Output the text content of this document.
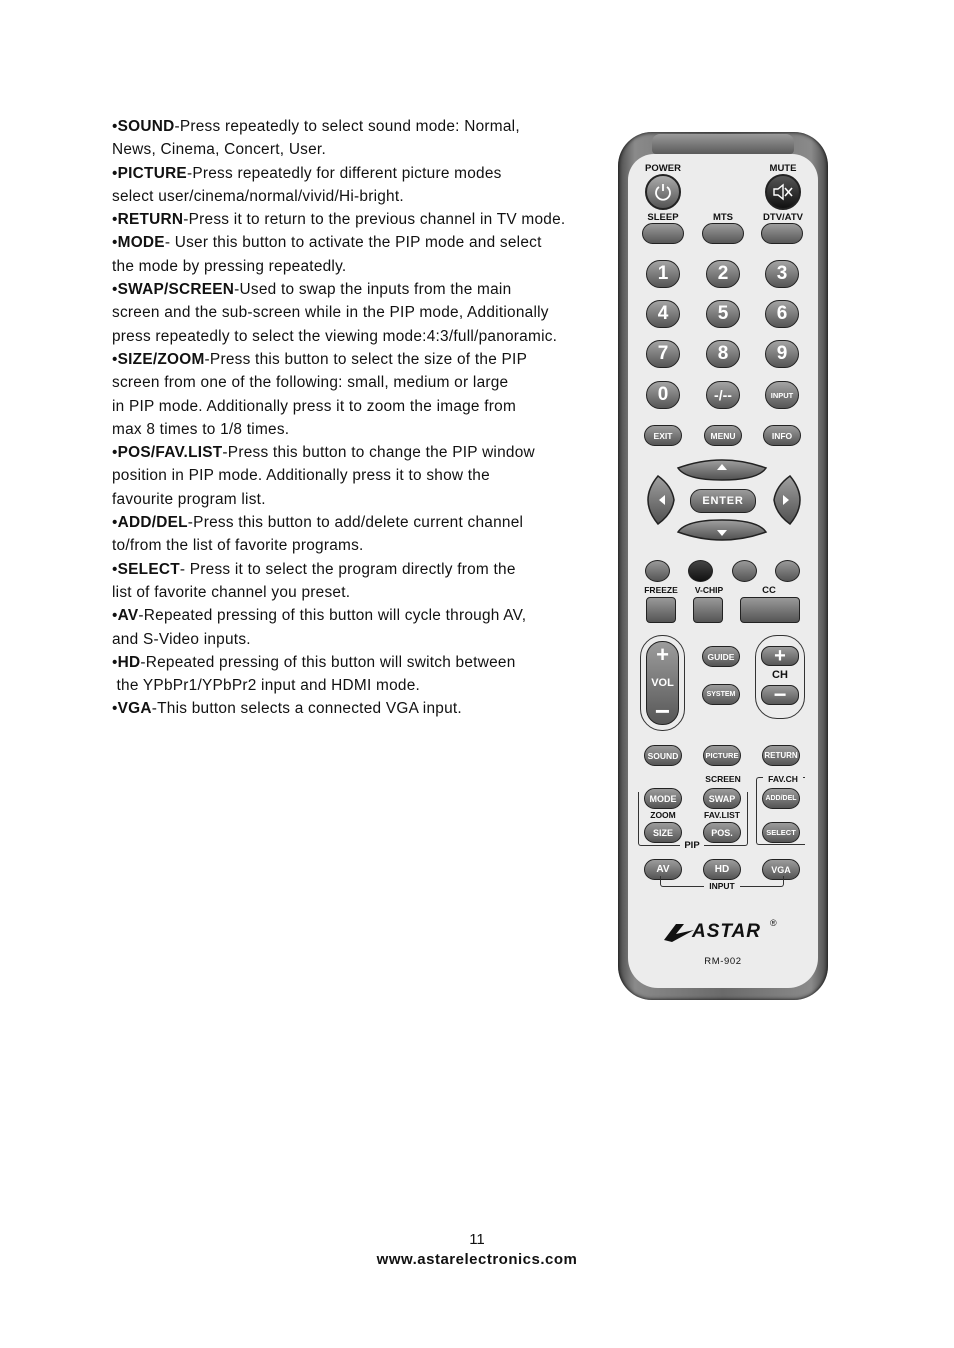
•SOUND-Press repeatedly to select sound mode: Normal,
News, Cinema, Concert, User.

•PICTURE-Press repeatedly for different picture modes
select user/cinema/normal/vivid/Hi-bright.

•RETURN-Press it to return to the previous channel in TV mode.

•MODE- User this button to activate the PIP mode and select
the mode by pressing repeatedly.

•SWAP/SCREEN-Used to swap the inputs from the main
screen and the sub-screen while in the PIP mode, Additionally
press repeatedly to select the viewing mode:4:3/full/panoramic.

•SIZE/ZOOM-Press this button to select the size of the PIP
screen from one of the following: small, medium or large
in PIP mode. Additionally press it to zoom the image from
max 8 times to 1/8 times.

•POS/FAV.LIST-Press this button to change the PIP window
position in PIP mode. Additionally press it to show the
favourite program list.

•ADD/DEL-Press this button to add/delete current channel
to/from the list of favorite programs.

•SELECT- Press it to select the program directly from the
list of favorite channel you preset.

•AV-Repeated pressing of this button will cycle through AV,
and S-Video inputs.

•HD-Repeated pressing of this button will switch between
the YPbPr1/YPbPr2 input and HDMI mode.

•VGA-This button selects a connected VGA input.

11
www.astarelectronics.com
POWER	MUTE
SLEEP	MTS	DTV/ATV
1	2	3
4	5	6
7	8	9
0	-/--	INPUT
EXIT	MENU	INFO
ENTER
FREEZE	V-CHIP	CC
+
VOL
−
+
CH
−
GUIDE
SYSTEM
SOUND	PICTURE	RETURN
SCREEN	FAV.CH
PIP
MODE	SWAP	ADD/DEL
ZOOM	FAV.LIST
SIZE	POS.	SELECT
AV	HD	VGA
INPUT
ASTAR ®
RM-902
